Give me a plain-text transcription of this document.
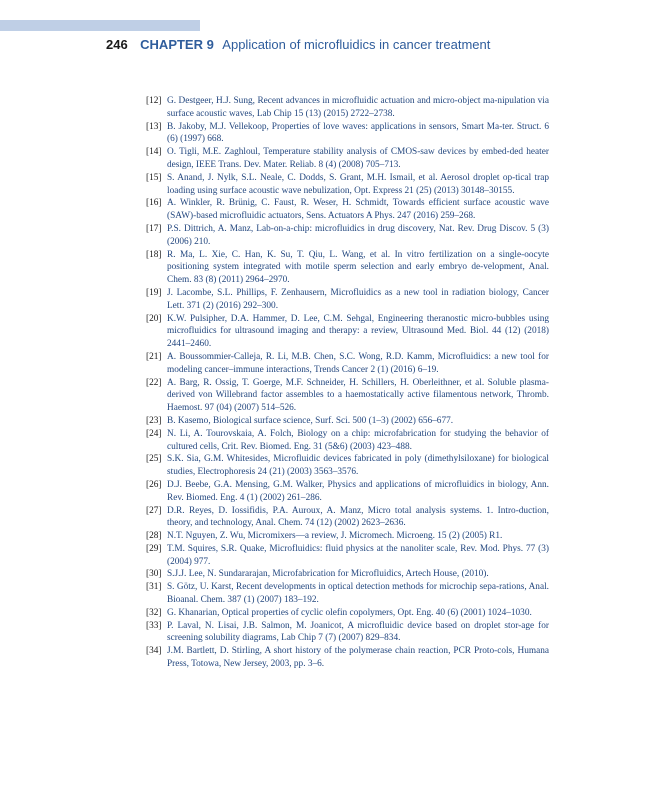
246 CHAPTER 9 Application of microfluidics in cancer treatment
[12] G. Destgeer, H.J. Sung, Recent advances in microfluidic actuation and micro-object ma-nipulation via surface acoustic waves, Lab Chip 15 (13) (2015) 2722–2738.
[13] B. Jakoby, M.J. Vellekoop, Properties of love waves: applications in sensors, Smart Ma-ter. Struct. 6 (6) (1997) 668.
[14] O. Tigli, M.E. Zaghloul, Temperature stability analysis of CMOS-saw devices by embed-ded heater design, IEEE Trans. Dev. Mater. Reliab. 8 (4) (2008) 705–713.
[15] S. Anand, J. Nylk, S.L. Neale, C. Dodds, S. Grant, M.H. Ismail, et al. Aerosol droplet op-tical trap loading using surface acoustic wave nebulization, Opt. Express 21 (25) (2013) 30148–30155.
[16] A. Winkler, R. Brünig, C. Faust, R. Weser, H. Schmidt, Towards efficient surface acoustic wave (SAW)-based microfluidic actuators, Sens. Actuators A Phys. 247 (2016) 259–268.
[17] P.S. Dittrich, A. Manz, Lab-on-a-chip: microfluidics in drug discovery, Nat. Rev. Drug Discov. 5 (3) (2006) 210.
[18] R. Ma, L. Xie, C. Han, K. Su, T. Qiu, L. Wang, et al. In vitro fertilization on a single-oocyte positioning system integrated with motile sperm selection and early embryo de-velopment, Anal. Chem. 83 (8) (2011) 2964–2970.
[19] J. Lacombe, S.L. Phillips, F. Zenhausern, Microfluidics as a new tool in radiation biology, Cancer Lett. 371 (2) (2016) 292–300.
[20] K.W. Pulsipher, D.A. Hammer, D. Lee, C.M. Sehgal, Engineering theranostic micro-bubbles using microfluidics for ultrasound imaging and therapy: a review, Ultrasound Med. Biol. 44 (12) (2018) 2441–2460.
[21] A. Boussommier-Calleja, R. Li, M.B. Chen, S.C. Wong, R.D. Kamm, Microfluidics: a new tool for modeling cancer–immune interactions, Trends Cancer 2 (1) (2016) 6–19.
[22] A. Barg, R. Ossig, T. Goerge, M.F. Schneider, H. Schillers, H. Oberleithner, et al. Soluble plasma-derived von Willebrand factor assembles to a haemostatically active filamentous network, Thromb. Haemost. 97 (04) (2007) 514–526.
[23] B. Kasemo, Biological surface science, Surf. Sci. 500 (1–3) (2002) 656–677.
[24] N. Li, A. Tourovskaia, A. Folch, Biology on a chip: microfabrication for studying the behavior of cultured cells, Crit. Rev. Biomed. Eng. 31 (5&6) (2003) 423–488.
[25] S.K. Sia, G.M. Whitesides, Microfluidic devices fabricated in poly (dimethylsiloxane) for biological studies, Electrophoresis 24 (21) (2003) 3563–3576.
[26] D.J. Beebe, G.A. Mensing, G.M. Walker, Physics and applications of microfluidics in biology, Ann. Rev. Biomed. Eng. 4 (1) (2002) 261–286.
[27] D.R. Reyes, D. Iossifidis, P.A. Auroux, A. Manz, Micro total analysis systems. 1. Intro-duction, theory, and technology, Anal. Chem. 74 (12) (2002) 2623–2636.
[28] N.T. Nguyen, Z. Wu, Micromixers—a review, J. Micromech. Microeng. 15 (2) (2005) R1.
[29] T.M. Squires, S.R. Quake, Microfluidics: fluid physics at the nanoliter scale, Rev. Mod. Phys. 77 (3) (2004) 977.
[30] S.J.J. Lee, N. Sundararajan, Microfabrication for Microfluidics, Artech House, (2010).
[31] S. Götz, U. Karst, Recent developments in optical detection methods for microchip sepa-rations, Anal. Bioanal. Chem. 387 (1) (2007) 183–192.
[32] G. Khanarian, Optical properties of cyclic olefin copolymers, Opt. Eng. 40 (6) (2001) 1024–1030.
[33] P. Laval, N. Lisai, J.B. Salmon, M. Joanicot, A microfluidic device based on droplet stor-age for screening solubility diagrams, Lab Chip 7 (7) (2007) 829–834.
[34] J.M. Bartlett, D. Stirling, A short history of the polymerase chain reaction, PCR Proto-cols, Humana Press, Totowa, New Jersey, 2003, pp. 3–6.
